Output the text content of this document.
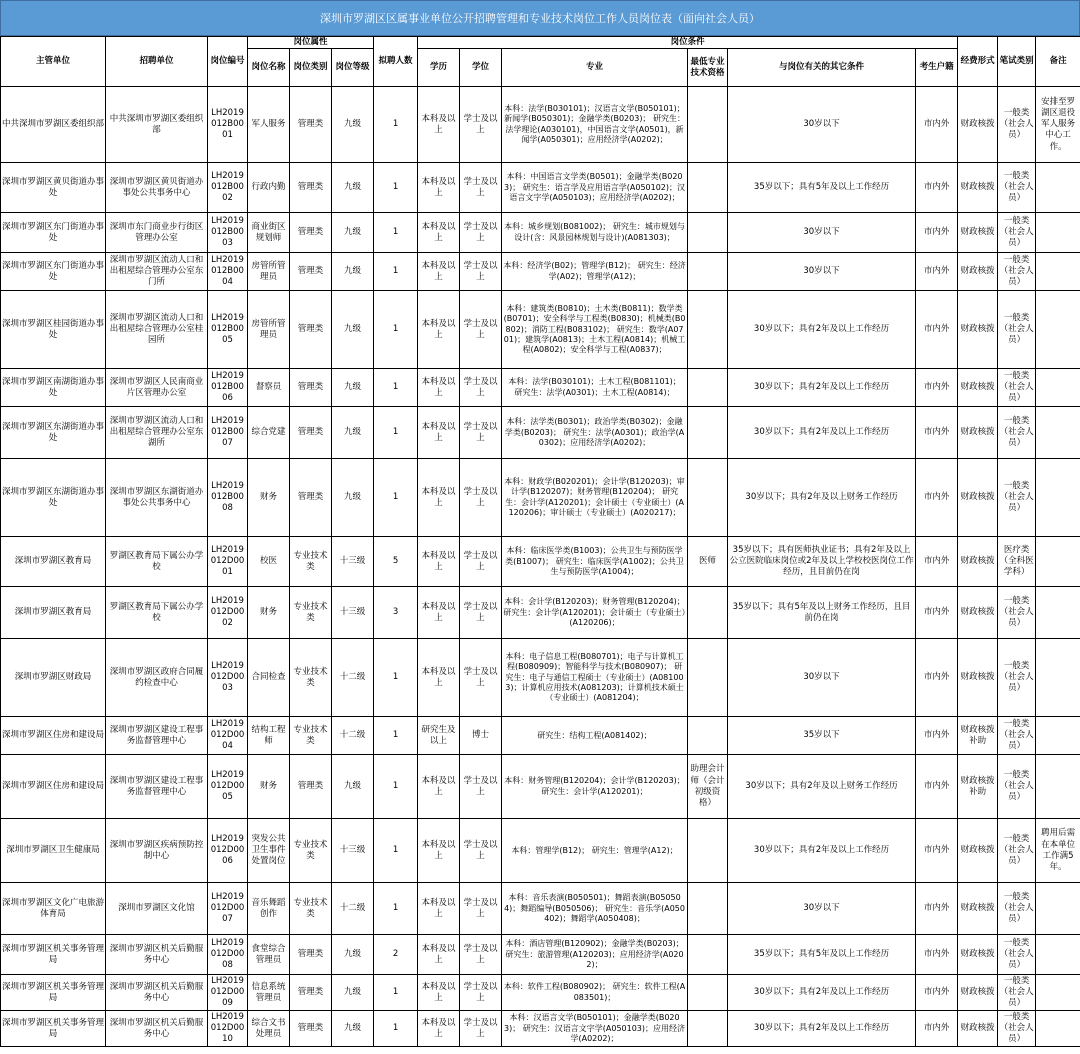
深圳市罗湖区区属事业单位公开招聘管理和专业技术岗位工作人员岗位表（面向社会人员）
主管单位	招聘单位	岗位编号	岗位属性			拟聘人数	岗位条件						经费形式	笔试类别	备注
			岗位名称	岗位类别	岗位等级		学历	学位	专业	最低专业技术资格	与岗位有关的其它条件	考生户籍			
中共深圳市罗湖区委组织部	中共深圳市罗湖区委组织部	LH2019012B0001	军人服务	管理类	九级	1	本科及以上	学士及以上	本科：法学(B030101)；汉语言文学(B050101)；新闻学(B050301)；金融学类(B0203)； 研究生：法学理论(A030101)，中国语言文学(A0501)，新闻学(A050301)；应用经济学(A0202)；		30岁以下	市内外	财政核拨	一般类（社会人员）	安排至罗湖区退役军人服务中心工作。
深圳市罗湖区黄贝街道办事处	深圳市罗湖区黄贝街道办事处公共事务中心	LH2019012B0002	行政内勤	管理类	九级	1	本科及以上	学士及以上	本科：中国语言文学类(B0501)；金融学类(B0203)； 研究生：语言学及应用语言学(A050102)；汉语言文字学(A050103)；应用经济学(A0202)；		35岁以下；具有5年及以上工作经历	市内外	财政核拨	一般类（社会人员）	
深圳市罗湖区东门街道办事处	深圳市东门商业步行街区管理办公室	LH2019012B0003	商业街区规划师	管理类	九级	1	本科及以上	学士及以上	本科：城乡规划(B081002)； 研究生：城市规划与设计(含：风景园林规划与设计)(A081303)；		30岁以下	市内外	财政核拨	一般类（社会人员）	
深圳市罗湖区东门街道办事处	深圳市罗湖区流动人口和出租屋综合管理办公室东门所	LH2019012B0004	房管所管理员	管理类	九级	1	本科及以上	学士及以上	本科：经济学(B02)；管理学(B12)； 研究生：经济学(A02)；管理学(A12)；		30岁以下	市内外	财政核拨	一般类（社会人员）	
深圳市罗湖区桂园街道办事处	深圳市罗湖区流动人口和出租屋综合管理办公室桂园所	LH2019012B0005	房管所管理员	管理类	九级	1	本科及以上	学士及以上	本科：建筑类(B0810)；土木类(B0811)；数学类(B0701)；安全科学与工程类(B0830)；机械类(B0802)；消防工程(B083102)； 研究生：数学(A0701)；建筑学(A0813)；土木工程(A0814)；机械工程(A0802)；安全科学与工程(A0837)；		30岁以下；具有2年及以上工作经历	市内外	财政核拨	一般类（社会人员）	
深圳市罗湖区南湖街道办事处	深圳市罗湖区人民南商业片区管理办公室	LH2019012B0006	督察员	管理类	九级	1	本科及以上	学士及以上	本科：法学(B030101)；土木工程(B081101)； 研究生：法学(A0301)；土木工程(A0814)；		30岁以下；具有2年及以上工作经历	市内外	财政核拨	一般类（社会人员）	
深圳市罗湖区东湖街道办事处	深圳市罗湖区流动人口和出租屋综合管理办公室东湖所	LH2019012B0007	综合党建	管理类	九级	1	本科及以上	学士及以上	本科：法学类(B0301)；政治学类(B0302)；金融学类(B0203)； 研究生：法学(A0301)；政治学(A0302)；应用经济学(A0202)；		30岁以下；具有2年及以上工作经历	市内外	财政核拨	一般类（社会人员）	
深圳市罗湖区东湖街道办事处	深圳市罗湖区东湖街道办事处公共事务中心	LH2019012B0008	财务	管理类	九级	1	本科及以上	学士及以上	本科：财政学(B020201)；会计学(B120203)；审计学(B120207)；财务管理(B120204)； 研究生：会计学(A120201)；会计硕士（专业硕士）(A120206)；审计硕士（专业硕士）(A020217)；		30岁以下；具有2年及以上财务工作经历	市内外	财政核拨	一般类（社会人员）	
深圳市罗湖区教育局	罗湖区教育局下属公办学校	LH2019012D0001	校医	专业技术类	十三级	5	本科及以上	学士及以上	本科：临床医学类(B1003)；公共卫生与预防医学类(B1007)； 研究生：临床医学(A1002)；公共卫生与预防医学(A1004)；	医师	35岁以下；具有医师执业证书；具有2年及以上公立医院临床岗位或2年及以上学校校医岗位工作经历，且目前仍在岗	市内外	财政核拨	医疗类（全科医学科）	
深圳市罗湖区教育局	罗湖区教育局下属公办学校	LH2019012D0002	财务	专业技术类	十三级	3	本科及以上	学士及以上	本科：会计学(B120203)；财务管理(B120204)； 研究生：会计学(A120201)；会计硕士（专业硕士）(A120206)；		35岁以下；具有5年及以上财务工作经历，且目前仍在岗	市内外	财政核拨	一般类（社会人员）	
深圳市罗湖区财政局	深圳市罗湖区政府合同履约检查中心	LH2019012D0003	合同检查	专业技术类	十二级	1	本科及以上	学士及以上	本科：电子信息工程(B080701)；电子与计算机工程(B080909)；智能科学与技术(B080907)； 研究生：电子与通信工程硕士（专业硕士）(A081003)；计算机应用技术(A081203)；计算机技术硕士（专业硕士）(A081204)；		30岁以下	市内外	财政核拨	一般类（社会人员）	
深圳市罗湖区住房和建设局	深圳市罗湖区建设工程事务监督管理中心	LH2019012D0004	结构工程师	专业技术类	十二级	1	研究生及以上	博士	研究生：结构工程(A081402)；		35岁以下	市内外	财政核拨补助	一般类（社会人员）	
深圳市罗湖区住房和建设局	深圳市罗湖区建设工程事务监督管理中心	LH2019012D0005	财务	管理类	九级	1	本科及以上	学士及以上	本科：财务管理(B120204)；会计学(B120203)； 研究生：会计学(A120201)；	助理会计师（会计初级资格）	30岁以下；具有2年及以上财务工作经历	市内外	财政核拨补助	一般类（社会人员）	
深圳市罗湖区卫生健康局	深圳市罗湖区疾病预防控制中心	LH2019012D0006	突发公共卫生事件处置岗位	专业技术类	十三级	1	本科及以上	学士及以上	本科：管理学(B12)； 研究生：管理学(A12)；		30岁以下；具有2年及以上工作经历	市内外	财政核拨	一般类（社会人员）	聘用后需在本单位工作满5年。
深圳市罗湖区文化广电旅游体育局	深圳市罗湖区文化馆	LH2019012D0007	音乐舞蹈创作	专业技术类	十二级	1	本科及以上	学士及以上	本科：音乐表演(B050501)；舞蹈表演(B050504)；舞蹈编导(B050506)； 研究生：音乐学(A050402)；舞蹈学(A050408)；		30岁以下	市内外	财政核拨	一般类（社会人员）	
深圳市罗湖区机关事务管理局	深圳市罗湖区机关后勤服务中心	LH2019012D0008	食堂综合管理员	管理类	九级	2	本科及以上	学士及以上	本科：酒店管理(B120902)；金融学类(B0203)； 研究生：旅游管理(A120203)；应用经济学(A0202)；		35岁以下；具有5年及以上工作经历	市内外	财政核拨	一般类（社会人员）	
深圳市罗湖区机关事务管理局	深圳市罗湖区机关后勤服务中心	LH2019012D0009	信息系统管理员	管理类	九级	1	本科及以上	学士及以上	本科：软件工程(B080902)； 研究生：软件工程(A083501)；		30岁以下；具有2年及以上工作经历	市内外	财政核拨	一般类（社会人员）	
深圳市罗湖区机关事务管理局	深圳市罗湖区机关后勤服务中心	LH2019012D0010	综合文书处理员	管理类	九级	1	本科及以上	学士及以上	本科：汉语言文学(B050101)；金融学类(B0203)； 研究生：汉语言文字学(A050103)；应用经济学(A0202)；		30岁以下；具有2年及以上工作经历	市内外	财政核拨	一般类（社会人员）	
